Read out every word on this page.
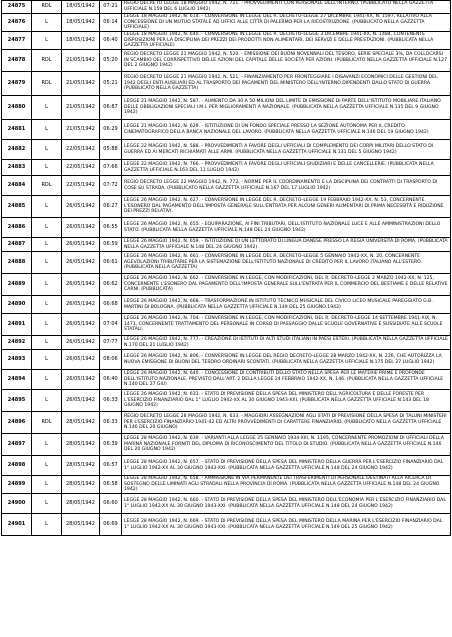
24875	RDL	18/05/1942	07:21	REGIO DECRETO LEGGE 18 MAGGIO 1942, N. 721. - PROVVEDIMENTI CON PERSONALE DELL'INTERNO. (PUBBLICATO NELLA GAZZETTA UFFICIALE N.159 DEL 6 LUGLIO 1942)
24876	L	18/05/1942	06:14	LEGGE 18 MAGGIO 1942, N. 614. - CONVERSIONE IN LEGGE DEL R. DECRETO-LEGGE 27 DICEMBRE 1941-XX, N. 1597, RELATIVO ALLA CONCESSIONE DI UN MUTUO STATALE AD UFFICI ALLE CITTÀ DI PALERMO PER LA RICOSTRUZIONE. (PUBBLICATO NELLA GAZZETTA UFFICIALE)
24877	L	18/05/1942	06:40	LEGGE 18 MAGGIO 1942, N. 640. - CONVERSIONE IN LEGGE DEL R. DECRETO-LEGGE 3 DICEMBRE 1941-XX, N. 1484, CONTENENTE DISPOSIZIONI PER LA DISCIPLINA DEI PREZZI DEI PRODOTTI NON ALIMENTARI, DEI SERVIZI E DELLE PRESTAZIONI. (PUBBLICATA NELLA GAZZETTA UFFICIALE)
24878	RDL	21/05/1942	05:20	REGIO DECRETO LEGGE 21 MAGGIO 1942, N. 520. - EMISSIONE DEI BUONI NOVENNALI DEL TESORO, SERIE SPECIALE 3%, DA COLLOCARSI IN SCAMBIO DEL CORRISPETTIVO DELLE AZIONI DEL CAPITALE DELLE SOCIETÀ PER AZIONI. (PUBBLICATO NELLA GAZZETTA UFFICIALE N.127 DEL 2 GIUGNO 1942)
24879	RDL	21/05/1942	05:21	REGIO DECRETO LEGGE 21 MAGGIO 1942, N. 521. - FINANZIAMENTO PER FRONTEGGIARE I DISAVANZI ECONOMICI DELLE GESTIONI DEL 1942 DEGLI ENTI AUSILIARI ED AL TRASPORTO DEI PAGAMENTI DEL MINISTERO DELL'INTERNO DIPENDENTI DALLO STATO DI GUERRA. (PUBBLICATO NELLA GAZZETTA)
24880	L	21/05/1942	06:87	LEGGE 21 MAGGIO 1942, N. 587. - AUMENTO DA 30 A 50 MILIONI DEL LIMITE DI EMISSIONE DI PARTE DELL'ISTITUTO MOBILIARE ITALIANO DELLE OBBLIGAZIONI SPECIALI I.M.I. PER MIGLIORAMENTI A NAZIONALE. (PUBBLICATA NELLA GAZZETTA UFFICIALE N.135 DEL 9 GIUGNO 1942)
24881	L	21/05/1942	06:29	LEGGE 21 MAGGIO 1942, N. 629. - ISTITUZIONE DI UN FONDO SPECIALE PRESSO LA SEZIONE AUTONOMA PER IL CREDITO CINEMATOGRAFICO DELLA BANCA NAZIONALE DEL LAVORO. (PUBBLICATA NELLA GAZZETTA UFFICIALE N.146 DEL 19 GIUGNO 1942)
24882	L	22/05/1942	05:88	LEGGE 22 MAGGIO 1942, N. 588. - PROVVEDIMENTI A FAVORE DEGLI UFFICIALI DI COMPLEMENTO DEI CORPI MILITARI DELLO STATO DI GUERRA ED AI MERCATI RICHIAMATI ALLE ARMI. (PUBBLICATA NELLA GAZZETTA UFFICIALE N.131 DEL 5 GIUGNO 1942)
24883	L	22/05/1942	07:66	LEGGE 22 MAGGIO 1942, N. 766. - PROVVEDIMENTI A FAVORE DEGLI UFFICIALI GIUDIZIARI E DELLE CANCELLERIE. (PUBBLICATA NELLA GAZZETTA UFFICIALE N.163 DEL 11 LUGLIO 1942)
24884	RDL	22/05/1942	07:72	REGIO DECRETO LEGGE 22 MAGGIO 1942, N. 772. - NORME PER IL COORDINAMENTO E LA DISCIPLINA DEI CONTRATTI DI TRASPORTO DI COSE SU STRADA. (PUBBLICATO NELLA GAZZETTA UFFICIALE N.167 DEL 17 LUGLIO 1942)
24885	L	26/05/1942	06:27	LEGGE 26 MAGGIO 1942, N. 627. - CONVERSIONE IN LEGGE DEL R. DECRETO-LEGGE 19 FEBBRAIO 1942-XX, N. 53, CONCERNENTE L'ESONERO DAL PAGAMENTO DELL'IMPOSTA GENERALE SULL'ENTRATA PER ALCUNI GENERI ALIMENTARI DI PRIMA NECESSITÀ E RIDUZIONE DEI PREZZI RELATIVI.
24886	L	26/05/1942	06:55	LEGGE 26 MAGGIO 1942, N. 655. - EQUIPARAZIONE, AI FINI TRIBUTARI, DELL'ISTITUTO NAZIONALE LUCE E ALLE AMMINISTRAZIONI DELLO STATO. (PUBBLICATA NELLA GAZZETTA UFFICIALE N.148 DEL 24 GIUGNO 1942)
24887	L	26/05/1942	06:59	LEGGE 26 MAGGIO 1942, N. 659. - ISTITUZIONE DI UN LETTORATO DI LINGUA DANESE PRESSO LA REGIA UNIVERSITÀ DI ROMA. (PUBBLICATA NELLA GAZZETTA UFFICIALE N.148 DEL 24 GIUGNO 1942)
24888	L	26/05/1942	06:61	LEGGE 26 MAGGIO 1942, N. 661. - CONVERSIONE IN LEGGE DEL R. DECRETO-LEGGE 5 GENNAIO 1942-XX, N. 20, CONCERNENTE AGEVOLAZIONI TRIBUTARIE PER LA SISTEMAZIONE DELL'ISTITUTO NAZIONALE DI CREDITO PER IL LAVORO ITALIANO ALL'ESTERO. (PUBBLICATA NELLA GAZZETTA)
24889	L	26/05/1942	06:62	LEGGE 26 MAGGIO 1942, N. 662. - CONVERSIONE IN LEGGE, CON MODIFICAZIONI, DEL R. DECRETO-LEGGE 2 MARZO 1942-XX, N. 125, CONCERNENTE L'ESONERO DAL PAGAMENTO DELL'IMPOSTA GENERALE SULL'ENTRATA PER IL COMMERCIO DEL BESTIAME E DELLE RELATIVE CARNI. (PUBBLICATA)
24890	L	26/05/1942	06:68	LEGGE 26 MAGGIO 1942, N. 668. - TRASFORMAZIONE IN ISTITUTO TECNICO MUSICALE DEL CIVICO LICEO MUSICALE PAREGGIATO G.B. MARTINI DI BOLOGNA. (PUBBLICATA NELLA GAZZETTA UFFICIALE N.149 DEL 25 GIUGNO 1942)
24891	L	26/05/1942	07:04	LEGGE 26 MAGGIO 1942, N. 704. - CONVERSIONE IN LEGGE, CON MODIFICAZIONI, DEL R. DECRETO-LEGGE 14 SETTEMBRE 1941-XIX, N. 1471, CONCERNENTE TRATTAMENTO DEL PERSONALE IN CORSO DI PASSAGGIO DALLE SCUOLE GOVERNATIVE E SUSSIDIATE ALLE SCUOLE STATALI.
24892	L	26/05/1942	07:77	LEGGE 26 MAGGIO 1942, N. 777. - CREAZIONE DI ISTITUTI DI ALTI STUDI ITALIANI IN PAESI ESTERI. (PUBBLICATA NELLA GAZZETTA UFFICIALE N.170 DEL 21 LUGLIO 1942)
24893	L	26/05/1942	08:06	LEGGE 26 MAGGIO 1942, N. 806. - CONVERSIONE IN LEGGE DEL REGIO DECRETO-LEGGE 28 MARZO 1942-XX, N. 226, CHE AUTORIZZA LA NUOVA EMISSIONE DI BUONI DEL TESORO ORDINARI SCONTATI. (PUBBLICATA NELLA GAZZETTA UFFICIALE N.175 DEL 27 LUGLIO 1942)
24894	L	26/05/1942	06:40	LEGGE 26 MAGGIO 1942, N. 640. - CONCESSIONE DI CONTRIBUTI DELLO STATO NELLA SPESA PER LE MATERIE PRIME E PROFONDE DELL'ISTITUTO NAZIONALE. PREVISTO DALL'ART. 2 DELLA LEGGE 24 FEBBRAIO 1942-XX, N. 146. (PUBBLICATA NELLA GAZZETTA UFFICIALE N.140 DEL 27 GIU)
24895	L	26/05/1942	06:33	LEGGE 26 MAGGIO 1942, N. 633. - STATO DI PREVISIONE DELLA SPESA DEL MINISTERO DELL'AGRICOLTURA E DELLE FORESTE PER L'ESERCIZIO FINANZIARIO DAL 1° LUGLIO 1942-XX AL 30 GIUGNO 1943-XXI. (PUBBLICATA NELLA GAZZETTA UFFICIALE N.143 DEL 18 GIUGNO 1942)
24896	RDL	28/05/1942	06:33	REGIO DECRETO LEGGE 28 MAGGIO 1942, N. 633. - MAGGIORI ASSEGNAZIONI AGLI STATI DI PREVISIONE DELLA SPESA DI TALUNI MINISTERI PER L'ESERCIZIO FINANZIARIO 1941-42 ED ALTRI PROVVEDIMENTI DI CARATTERE FINANZIARIO. (PUBBLICATO NELLA GAZZETTA UFFICIALE N.146 DEL 20 GIUGNO)
24897	L	28/05/1942	06:39	LEGGE 28 MAGGIO 1942, N. 639. - VARIANTI ALLA LEGGE 25 GENNAIO 1934-XIII, N. 1195, CONCERNENTE PROMOZIONI DI UFFICIALI DELLA MARINA NAZIONALE FORNITI DEL DIPLOMA DI RICONOSCIMENTO DEL TITOLO DI STUDIO. (PUBBLICATA NELLA GAZZETTA UFFICIALE N.146 DEL 20 GIUGNO 1942)
24898	L	28/05/1942	06:57	LEGGE 28 MAGGIO 1942, N. 657. - STATO DI PREVISIONE DELLA SPESA DEL MINISTERO DELLA GUERRA PER L'ESERCIZIO FINANZIARIO DAL 1° LUGLIO 1942-XX AL 30 GIUGNO 1943-XXI. (PUBBLICATA NELLA GAZZETTA UFFICIALE N.148 DEL 24 GIUGNO 1942)
24899	L	28/05/1942	06:58	LEGGE 28 MAGGIO 1942, N. 658. - AMMISSIONE IN VIA PERMANENTE DEI TRASFERIMENTI DI PERSONALE DESTINATI ALLA RICERCA DI SOSTEGNO DELLE LIMINATI AGLI STRADALI NELLA PROVINCIA DI ROMA. (PUBBLICATA NELLA GAZZETTA UFFICIALE N.148 DEL 24 GIUGNO 1942)
24900	L	28/05/1942	06:60	LEGGE 28 MAGGIO 1942, N. 660. - STATO DI PREVISIONE DELLA SPESA DEL MINISTERO DELL'ECONOMIA PER L'ESERCIZIO FINANZIARIO DAL 1° LUGLIO 1942-XX AL 30 GIUGNO 1943-XXI. (PUBBLICATA NELLA GAZZETTA UFFICIALE N.148 DEL 24 GIUGNO 1942)
24901	L	28/05/1942	06:69	LEGGE 28 MAGGIO 1942, N. 669. - STATO DI PREVISIONE DELLA SPESA DEL MINISTERO DELLA MARINA PER L'ESERCIZIO FINANZIARIO DAL 1° LUGLIO 1942-XX AL 30 GIUGNO 1943-XXI. (PUBBLICATA NELLA GAZZETTA UFFICIALE N.149 DEL 25 GIUGNO 1942)
